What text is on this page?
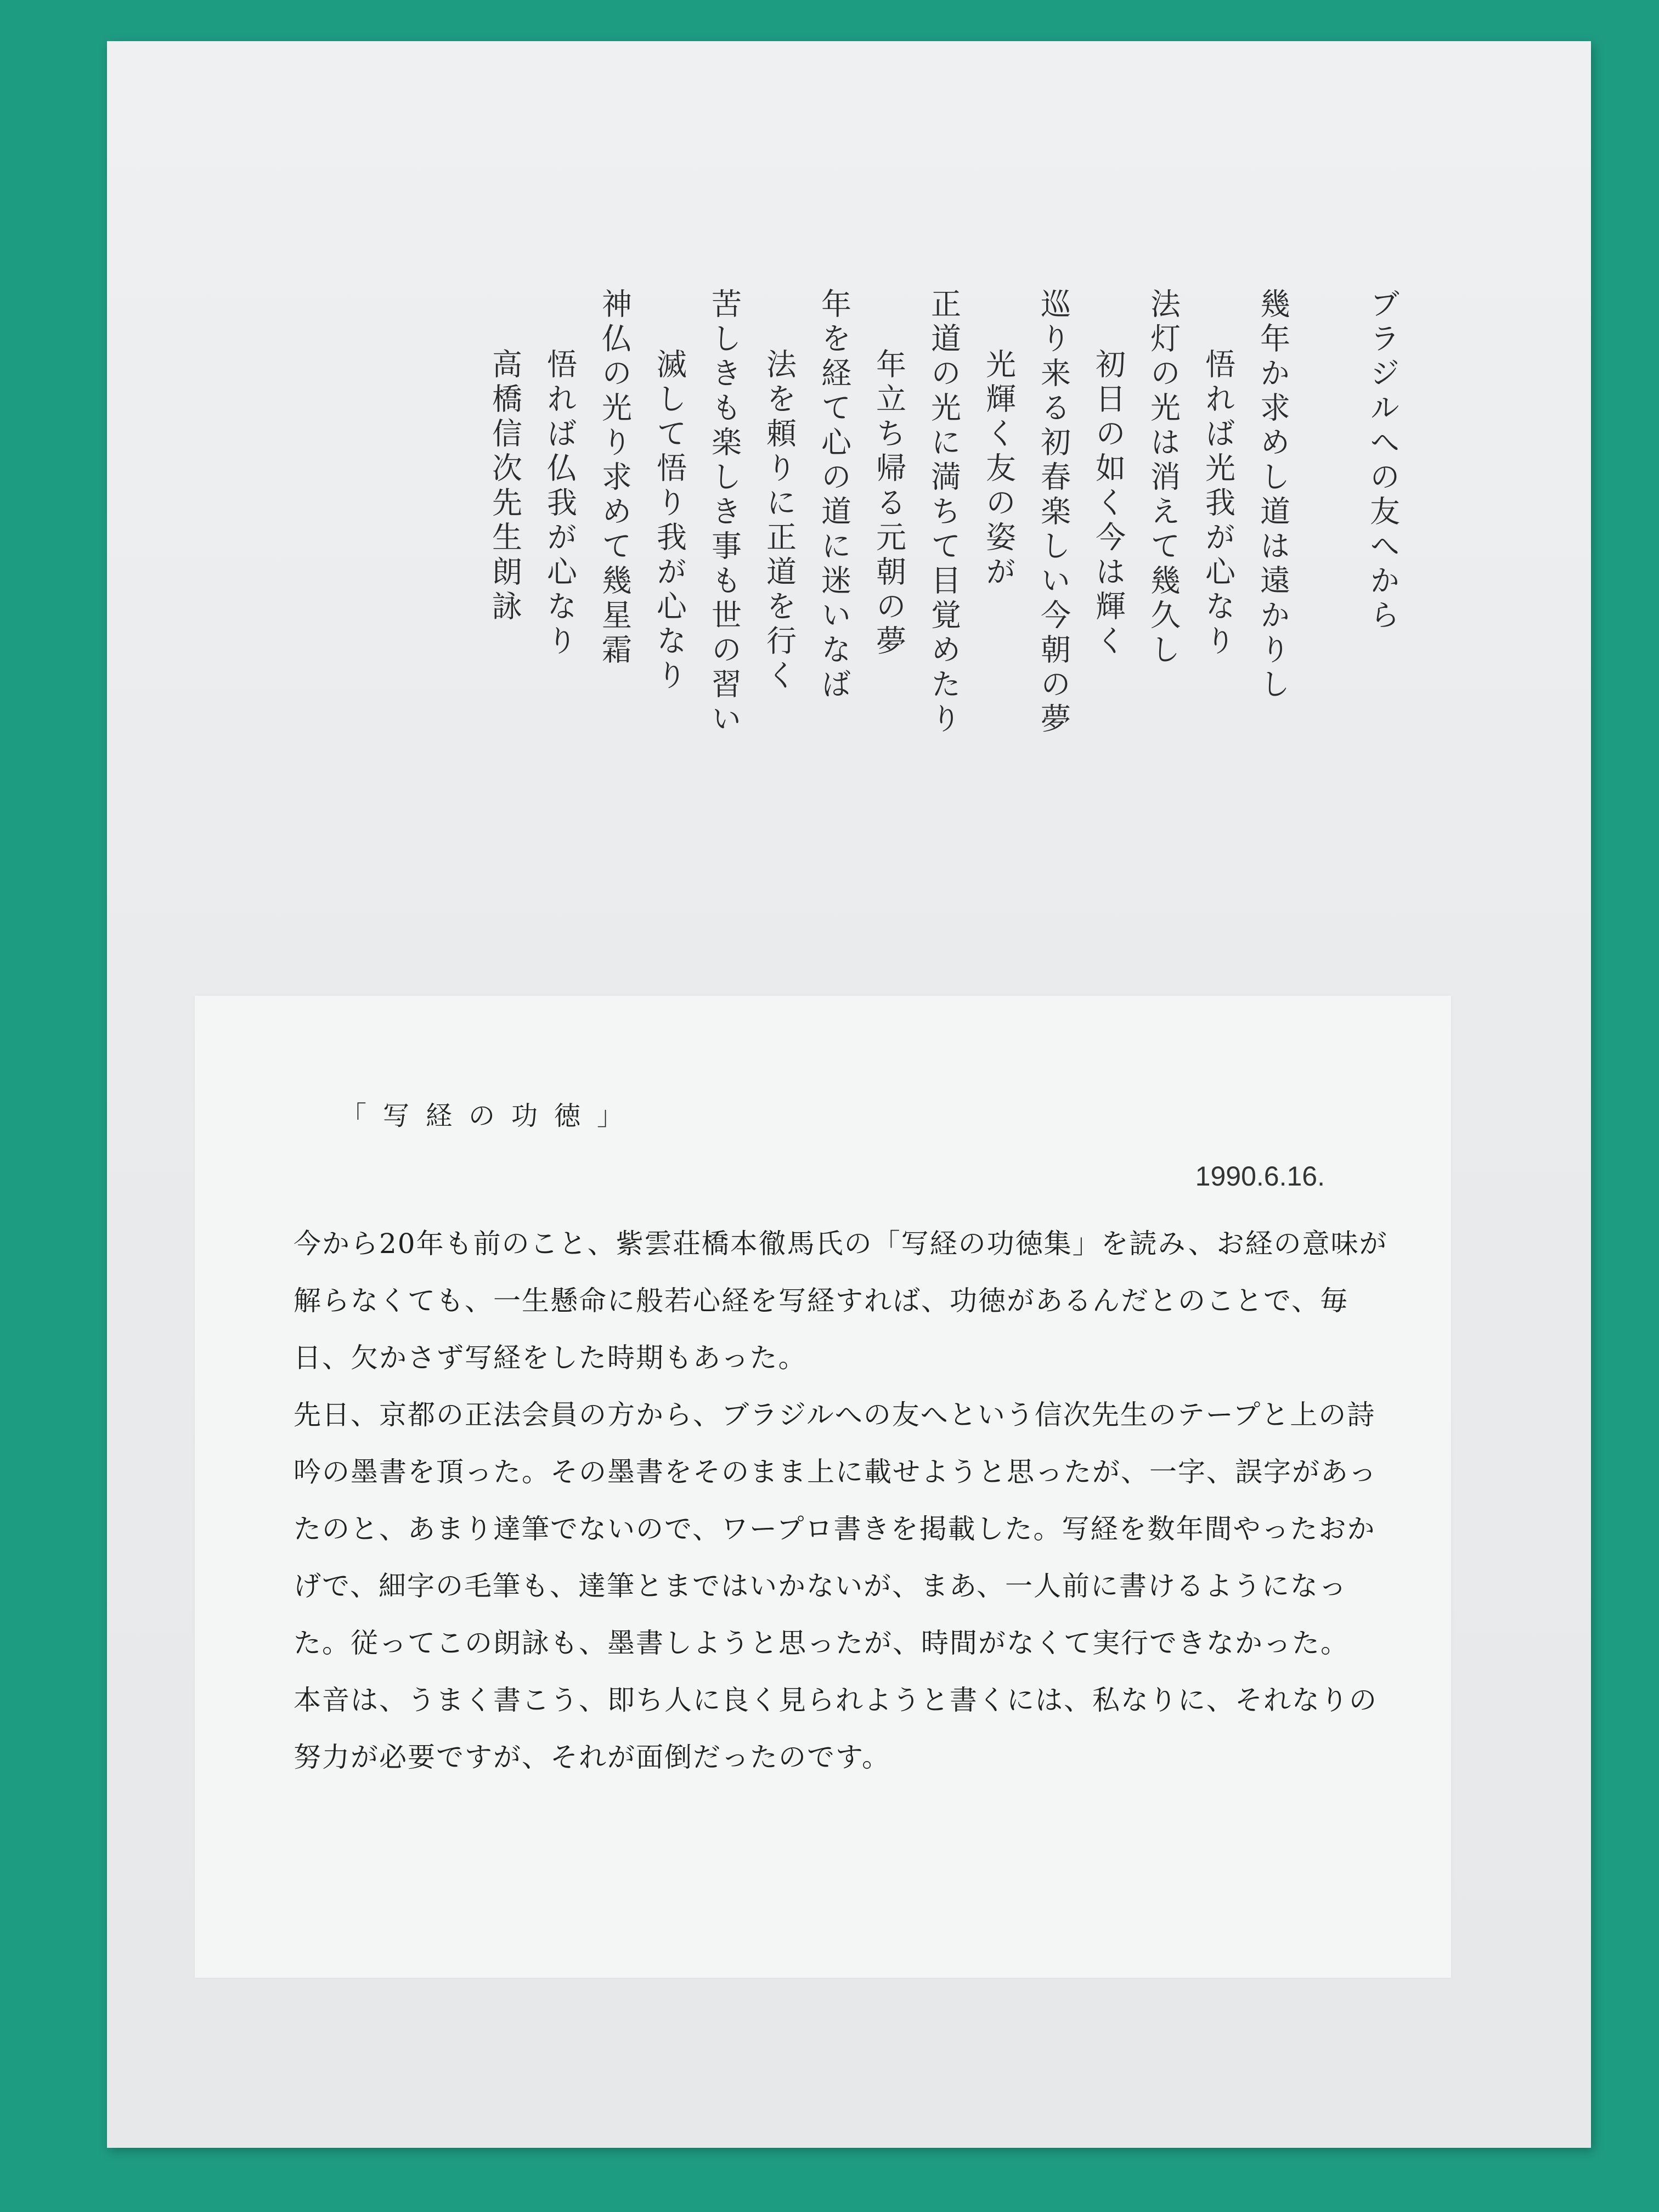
ブラジルへの友へから
幾年か求めし道は遠かりし
悟れば光我が心なり
法灯の光は消えて幾久し
初日の如く今は輝く
巡り来る初春楽しい今朝の夢
光輝く友の姿が
正道の光に満ちて目覚めたり
年立ち帰る元朝の夢
年を経て心の道に迷いなば
法を頼りに正道を行く
苦しきも楽しき事も世の習い
滅して悟り我が心なり
神仏の光り求めて幾星霜
悟れば仏我が心なり
高橋信次先生朗詠
「写経の功徳」
1990.6.16.

今から20年も前のこと、紫雲荘橋本徹馬氏の「写経の功徳集」を読み、お経の意味が解らなくても、一生懸命に般若心経を写経すれば、功徳があるんだとのことで、毎日、欠かさず写経をした時期もあった。

先日、京都の正法会員の方から、ブラジルへの友へという信次先生のテープと上の詩吟の墨書を頂った。その墨書をそのまま上に載せようと思ったが、一字、誤字があったのと、あまり達筆でないので、ワープロ書きを掲載した。写経を数年間やったおかげで、細字の毛筆も、達筆とまではいかないが、まあ、一人前に書けるようになった。従ってこの朗詠も、墨書しようと思ったが、時間がなくて実行できなかった。

本音は、うまく書こう、即ち人に良く見られようと書くには、私なりに、それなりの努力が必要ですが、それが面倒だったのです。
